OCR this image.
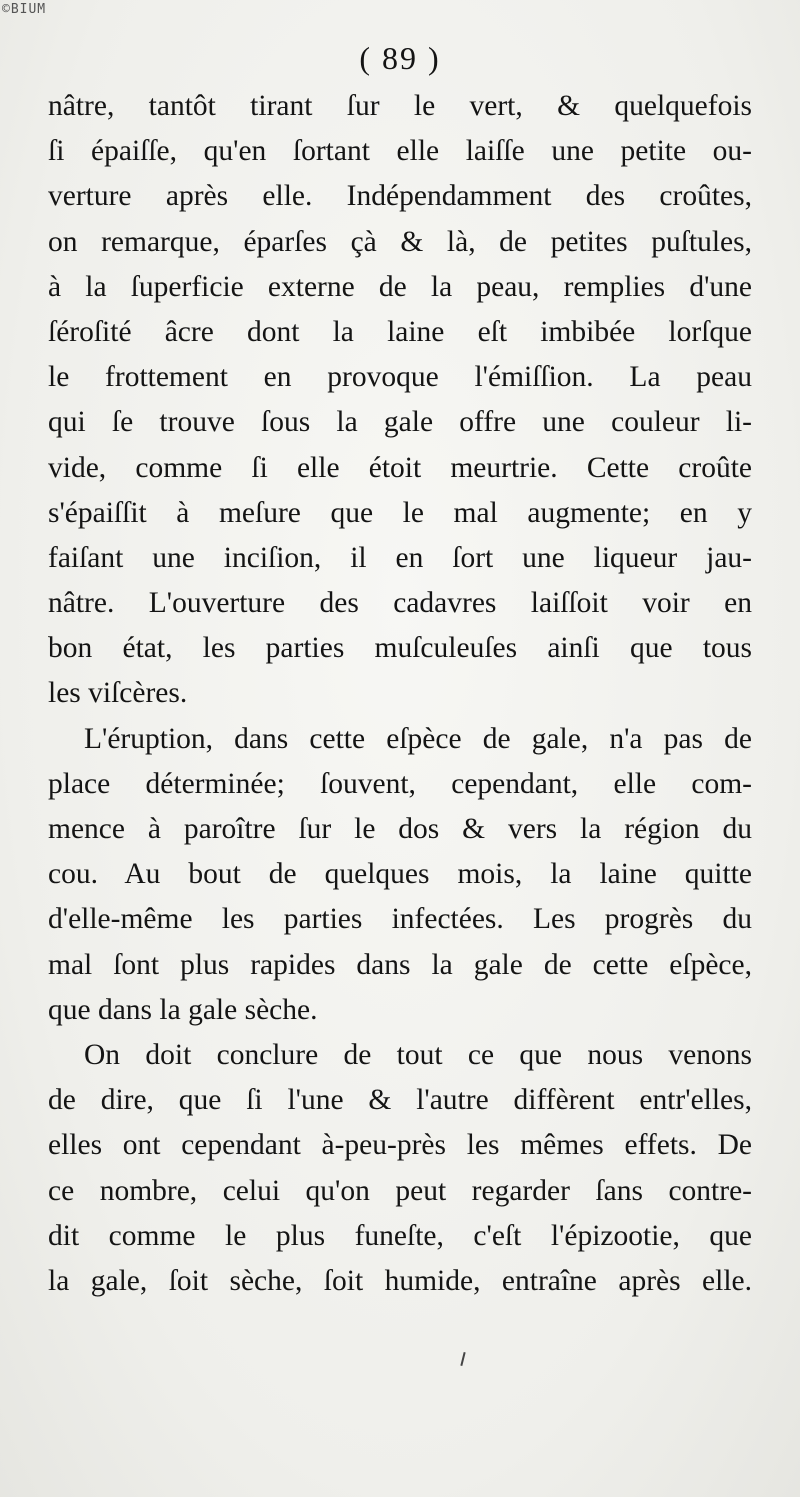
©BIUM
( 89 )
nâtre, tantôt tirant ſur le vert, & quelquefois
ſi épaiſſe, qu'en ſortant elle laiſſe une petite ou-
verture après elle. Indépendamment des croûtes,
on remarque, éparſes çà & là, de petites puſtules,
à la ſuperficie externe de la peau, remplies d'une
ſéroſité âcre dont la laine eſt imbibée lorſque
le frottement en provoque l'émiſſion. La peau
qui ſe trouve ſous la gale offre une couleur li-
vide, comme ſi elle étoit meurtrie. Cette croûte
s'épaiſſit à meſure que le mal augmente; en y
faiſant une inciſion, il en ſort une liqueur jau-
nâtre. L'ouverture des cadavres laiſſoit voir en
bon état, les parties muſculeuſes ainſi que tous
les viſcères.
L'éruption, dans cette eſpèce de gale, n'a pas de
place déterminée; ſouvent, cependant, elle com-
mence à paroître ſur le dos & vers la région du
cou. Au bout de quelques mois, la laine quitte
d'elle-même les parties infectées. Les progrès du
mal ſont plus rapides dans la gale de cette eſpèce,
que dans la gale sèche.
On doit conclure de tout ce que nous venons
de dire, que ſi l'une & l'autre diffèrent entr'elles,
elles ont cependant à-peu-près les mêmes effets. De
ce nombre, celui qu'on peut regarder ſans contre-
dit comme le plus funeſte, c'eſt l'épizootie, que
la gale, ſoit sèche, ſoit humide, entraîne après elle.
